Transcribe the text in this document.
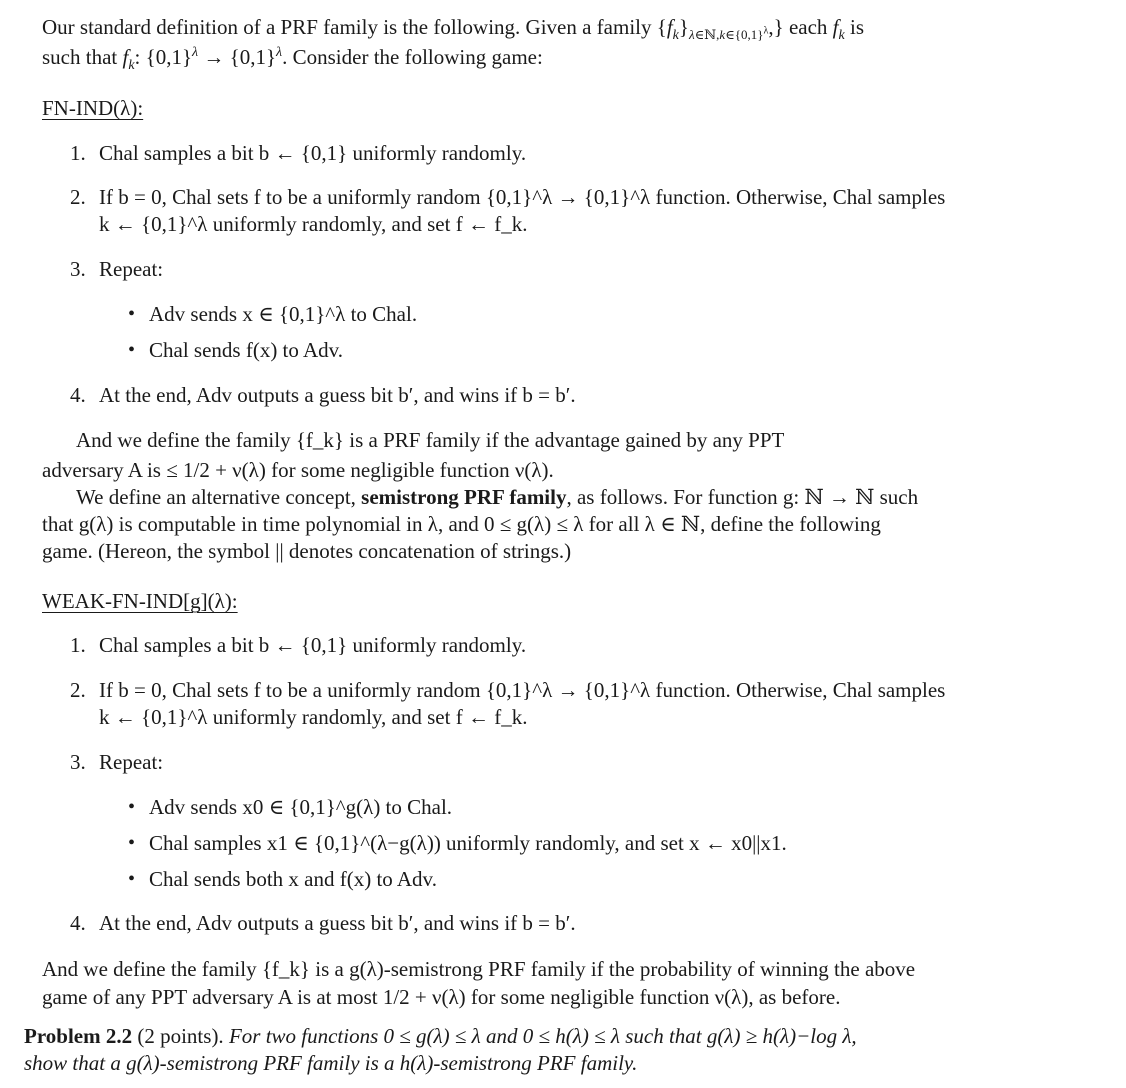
Our standard definition of a PRF family is the following. Given a family $\{f_k\}_{\lambda\in ℕ,k\in\{0,1\}^\lambda}$,} each $f_k$ is
such that $f_k$: $\{0,1\}^\lambda \to \{0,1\}^\lambda$. Consider the following game:
FN-IND(λ):
1. Chal samples a bit b ← {0,1} uniformly randomly.
2. If b = 0, Chal sets f to be a uniformly random {0,1}^λ → {0,1}^λ function. Otherwise, Chal samples
k ← {0,1}^λ uniformly randomly, and set f ← f_k.
3. Repeat:
• Adv sends x ∈ {0,1}^λ to Chal.
• Chal sends f(x) to Adv.
4. At the end, Adv outputs a guess bit b′, and wins if b = b′.
And we define the family {f_k} is a PRF family if the advantage gained by any PPT
adversary A is ≤ 1/2 + ν(λ) for some negligible function ν(λ).
We define an alternative concept, semistrong PRF family, as follows. For function g: ℕ → ℕ such
that g(λ) is computable in time polynomial in λ, and 0 ≤ g(λ) ≤ λ for all λ ∈ ℕ, define the following
game. (Hereon, the symbol || denotes concatenation of strings.)
WEAK-FN-IND[g](λ):
1. Chal samples a bit b ← {0,1} uniformly randomly.
2. If b = 0, Chal sets f to be a uniformly random {0,1}^λ → {0,1}^λ function. Otherwise, Chal samples
k ← {0,1}^λ uniformly randomly, and set f ← f_k.
3. Repeat:
• Adv sends x0 ∈ {0,1}^g(λ) to Chal.
• Chal samples x1 ∈ {0,1}^(λ−g(λ)) uniformly randomly, and set x ← x0||x1.
• Chal sends both x and f(x) to Adv.
4. At the end, Adv outputs a guess bit b′, and wins if b = b′.
And we define the family {f_k} is a g(λ)-semistrong PRF family if the probability of winning the above
game of any PPT adversary A is at most 1/2 + ν(λ) for some negligible function ν(λ), as before.
Problem 2.2 (2 points). For two functions 0 ≤ g(λ) ≤ λ and 0 ≤ h(λ) ≤ λ such that g(λ) ≥ h(λ)−log λ,
show that a g(λ)-semistrong PRF family is a h(λ)-semistrong PRF family.
